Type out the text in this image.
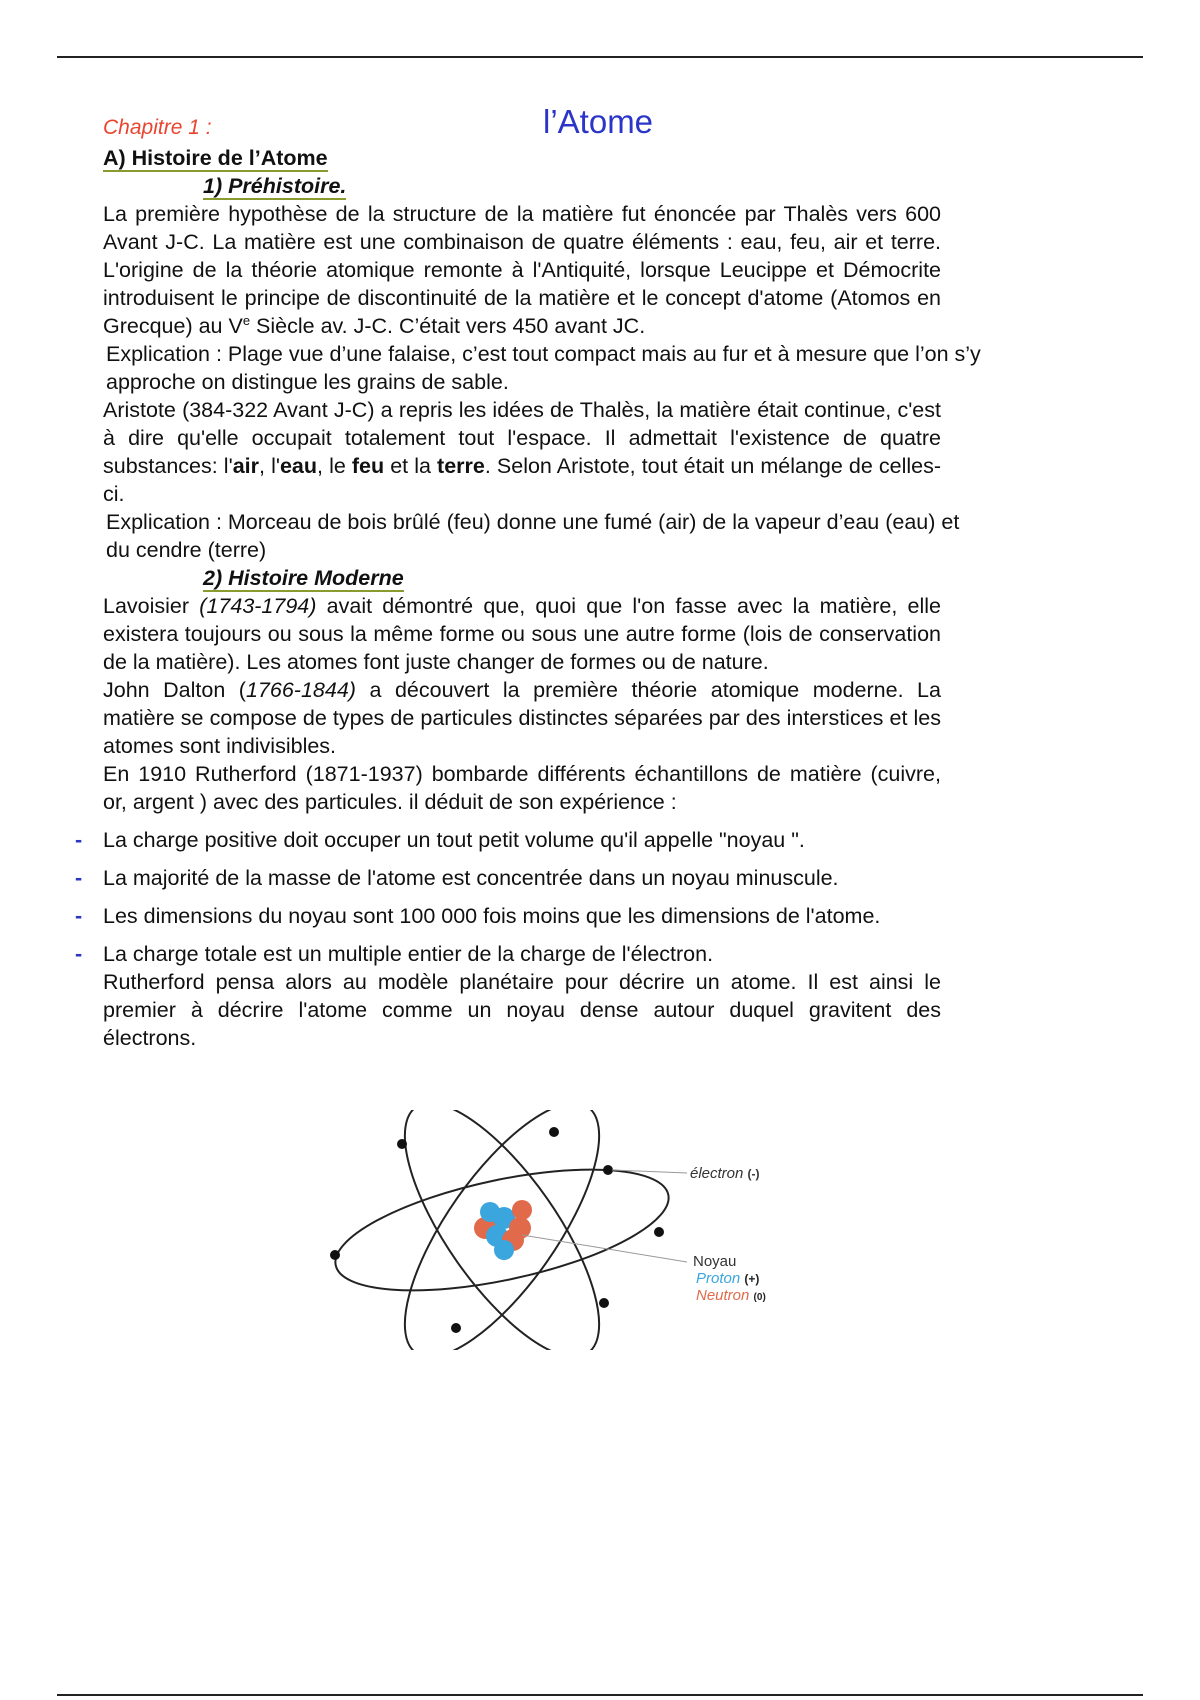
Chapitre 1 :	l’Atome
A) Histoire de l’Atome
1) Préhistoire.

La première hypothèse de la structure de la matière fut énoncée par Thalès vers 600 Avant J-C. La matière est une combinaison de quatre éléments : eau, feu, air et terre. L'origine de la théorie atomique remonte à l'Antiquité, lorsque Leucippe et Démocrite introduisent le principe de discontinuité de la matière et le concept d'atome (Atomos en Grecque) au Ve Siècle av. J-C. C’était vers 450 avant JC.

Explication : Plage vue d’une falaise, c’est tout compact mais au fur et à mesure que l’on s’y approche on distingue les grains de sable.

Aristote (384-322 Avant J-C) a repris les idées de Thalès, la matière était continue, c'est à dire qu'elle occupait totalement tout l'espace. Il admettait l'existence de quatre substances: l'air, l'eau, le feu et la terre. Selon Aristote, tout était un mélange de celles-ci.

Explication : Morceau de bois brûlé (feu) donne une fumé (air) de la vapeur d’eau (eau) et du cendre (terre)

2) Histoire Moderne

Lavoisier (1743-1794) avait démontré que, quoi que l'on fasse avec la matière, elle existera toujours ou sous la même forme ou sous une autre forme (lois de conservation de la matière). Les atomes font juste changer de formes ou de nature.

John Dalton (1766-1844) a découvert la première théorie atomique moderne. La matière se compose de types de particules distinctes séparées par des interstices et les atomes sont indivisibles.

En 1910 Rutherford (1871-1937) bombarde différents échantillons de matière (cuivre, or, argent ) avec des particules. il déduit de son expérience :

- La charge positive doit occuper un tout petit volume qu'il appelle "noyau ".
- La majorité de la masse de l'atome est concentrée dans un noyau minuscule.
- Les dimensions du noyau sont 100 000 fois moins que les dimensions de l'atome.
- La charge totale est un multiple entier de la charge de l'électron.

Rutherford pensa alors au modèle planétaire pour décrire un atome. Il est ainsi le premier à décrire l'atome comme un noyau dense autour duquel gravitent des électrons.

électron (-)
Noyau
Proton (+)
Neutron (0)
